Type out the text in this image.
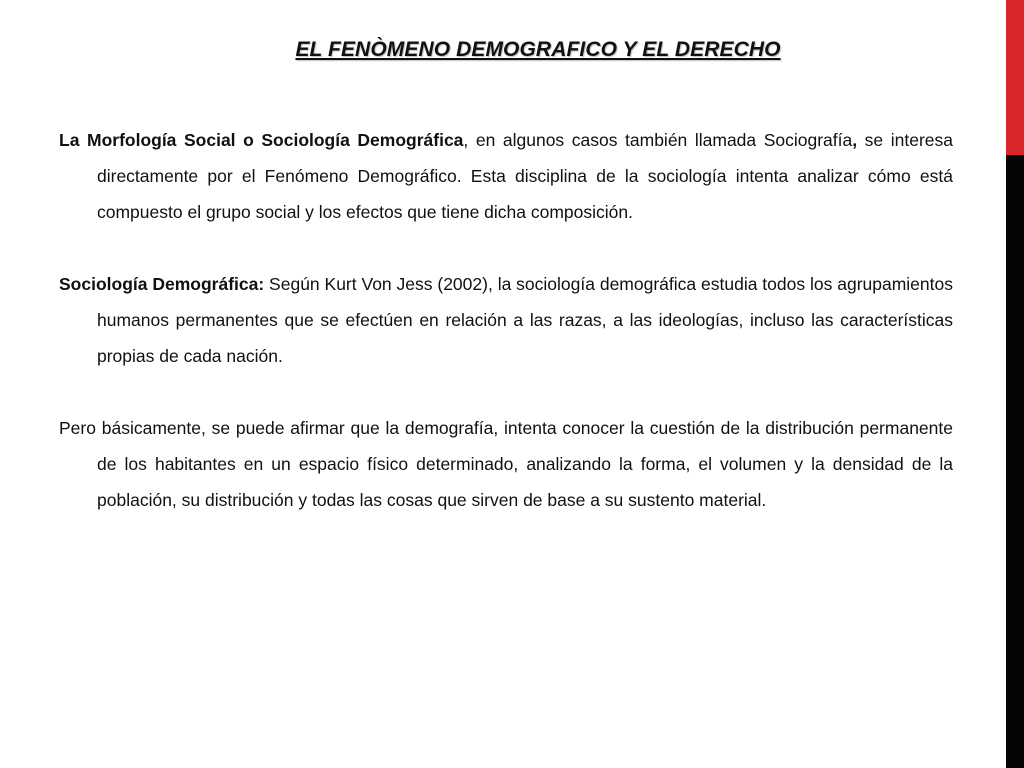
EL FENÒMENO DEMOGRAFICO Y EL DERECHO

La Morfología Social o Sociología Demográfica, en algunos casos también llamada Sociografía, se interesa directamente por el Fenómeno Demográfico. Esta disciplina de la sociología intenta analizar cómo está compuesto el grupo social y los efectos que tiene dicha composición.

Sociología Demográfica: Según Kurt Von Jess (2002), la sociología demográfica estudia todos los agrupamientos humanos permanentes que se efectúen en relación a las razas, a las ideologías, incluso las características propias de cada nación.

Pero básicamente, se puede afirmar que la demografía, intenta conocer la cuestión de la distribución permanente de los habitantes en un espacio físico determinado, analizando la forma, el volumen y la densidad de la población, su distribución y todas las cosas que sirven de base a su sustento material.
